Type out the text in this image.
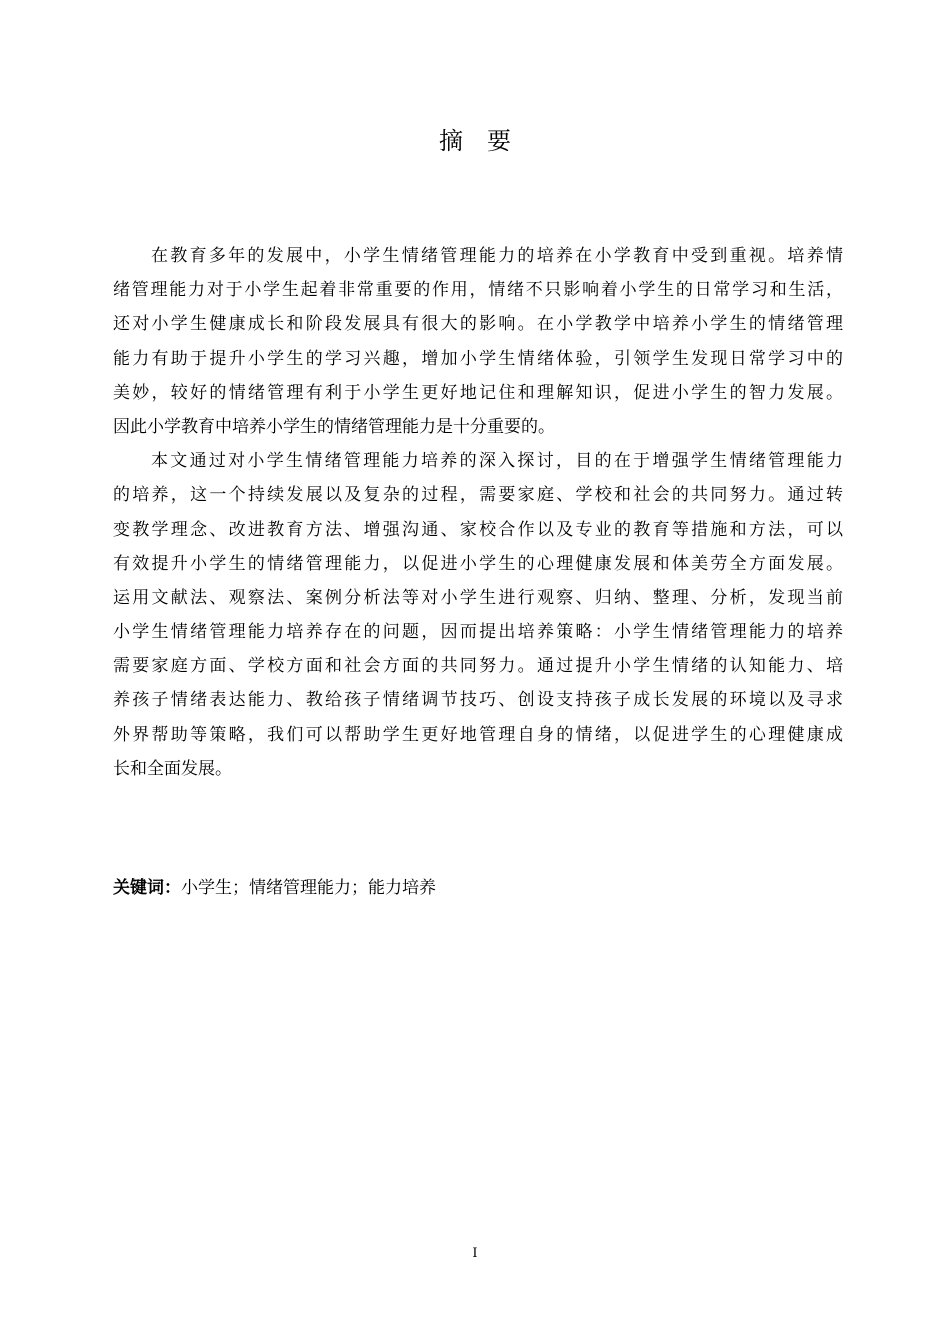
摘 要
在教育多年的发展中，小学生情绪管理能力的培养在小学教育中受到重视。培养情
绪管理能力对于小学生起着非常重要的作用，情绪不只影响着小学生的日常学习和生活，
还对小学生健康成长和阶段发展具有很大的影响。在小学教学中培养小学生的情绪管理
能力有助于提升小学生的学习兴趣，增加小学生情绪体验，引领学生发现日常学习中的
美妙，较好的情绪管理有利于小学生更好地记住和理解知识，促进小学生的智力发展。
因此小学教育中培养小学生的情绪管理能力是十分重要的。
本文通过对小学生情绪管理能力培养的深入探讨，目的在于增强学生情绪管理能力
的培养，这一个持续发展以及复杂的过程，需要家庭、学校和社会的共同努力。通过转
变教学理念、改进教育方法、增强沟通、家校合作以及专业的教育等措施和方法，可以
有效提升小学生的情绪管理能力，以促进小学生的心理健康发展和体美劳全方面发展。
运用文献法、观察法、案例分析法等对小学生进行观察、归纳、整理、分析，发现当前
小学生情绪管理能力培养存在的问题，因而提出培养策略：小学生情绪管理能力的培养
需要家庭方面、学校方面和社会方面的共同努力。通过提升小学生情绪的认知能力、培
养孩子情绪表达能力、教给孩子情绪调节技巧、创设支持孩子成长发展的环境以及寻求
外界帮助等策略，我们可以帮助学生更好地管理自身的情绪，以促进学生的心理健康成
长和全面发展。
关键词：小学生；情绪管理能力；能力培养
I
